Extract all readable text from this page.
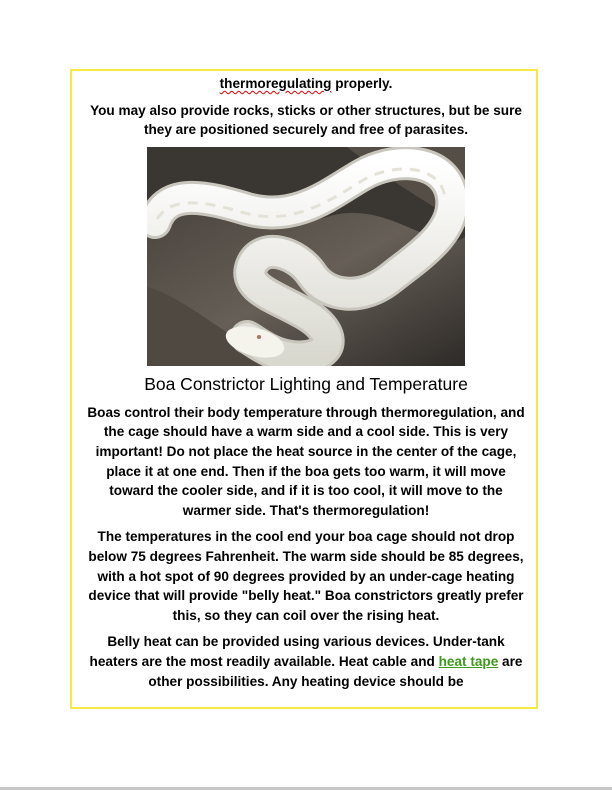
thermoregulating properly.

You may also provide rocks, sticks or other structures, but be sure they are positioned securely and free of parasites.

Boa Constrictor Lighting and Temperature

Boas control their body temperature through thermoregulation, and the cage should have a warm side and a cool side. This is very important! Do not place the heat source in the center of the cage, place it at one end. Then if the boa gets too warm, it will move toward the cooler side, and if it is too cool, it will move to the warmer side. That's thermoregulation!

The temperatures in the cool end your boa cage should not drop below 75 degrees Fahrenheit. The warm side should be 85 degrees, with a hot spot of 90 degrees provided by an under-cage heating device that will provide "belly heat." Boa constrictors greatly prefer this, so they can coil over the rising heat.

Belly heat can be provided using various devices. Under-tank heaters are the most readily available. Heat cable and heat tape are other possibilities. Any heating device should be
